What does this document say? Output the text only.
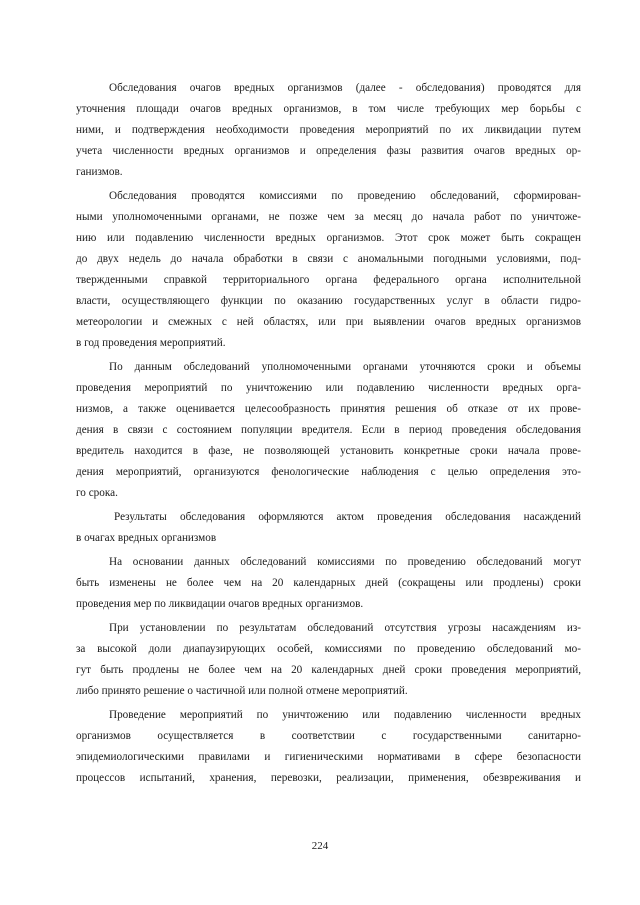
Обследования очагов вредных организмов (далее - обследования) проводятся для
уточнения площади очагов вредных организмов, в том числе требующих мер борьбы с
ними, и подтверждения необходимости проведения мероприятий по их ликвидации путем
учета численности вредных организмов и определения фазы развития очагов вредных ор-
ганизмов.

Обследования проводятся комиссиями по проведению обследований, сформирован-
ными уполномоченными органами, не позже чем за месяц до начала работ по уничтоже-
нию или подавлению численности вредных организмов. Этот срок может быть сокращен
до двух недель до начала обработки в связи с аномальными погодными условиями, под-
твержденными справкой территориального органа федерального органа исполнительной
власти, осуществляющего функции по оказанию государственных услуг в области гидро-
метеорологии и смежных с ней областях, или при выявлении очагов вредных организмов
в год проведения мероприятий.

По данным обследований уполномоченными органами уточняются сроки и объемы
проведения мероприятий по уничтожению или подавлению численности вредных орга-
низмов, а также оценивается целесообразность принятия решения об отказе от их прове-
дения в связи с состоянием популяции вредителя. Если в период проведения обследования
вредитель находится в фазе, не позволяющей установить конкретные сроки начала прове-
дения мероприятий, организуются фенологические наблюдения с целью определения это-
го срока.

Результаты обследования оформляются актом проведения обследования насаждений
в очагах вредных организмов

На основании данных обследований комиссиями по проведению обследований могут
быть изменены не более чем на 20 календарных дней (сокращены или продлены) сроки
проведения мер по ликвидации очагов вредных организмов.

При установлении по результатам обследований отсутствия угрозы насаждениям из-
за высокой доли диапаузирующих особей, комиссиями по проведению обследований мо-
гут быть продлены не более чем на 20 календарных дней сроки проведения мероприятий,
либо принято решение о частичной или полной отмене мероприятий.

Проведение мероприятий по уничтожению или подавлению численности вредных
организмов осуществляется в соответствии с государственными санитарно-
эпидемиологическими правилами и гигиеническими нормативами в сфере безопасности
процессов испытаний, хранения, перевозки, реализации, применения, обезвреживания и

224
